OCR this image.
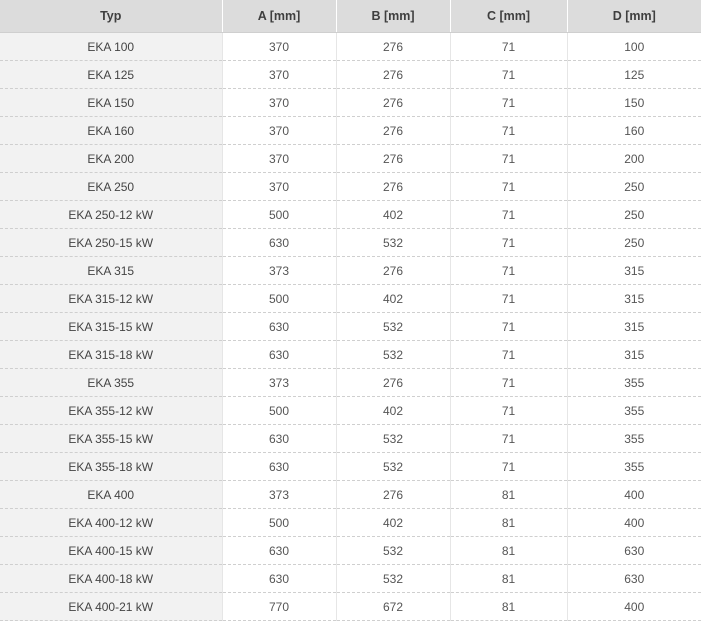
Typ	A [mm]	B [mm]	C [mm]	D [mm]
EKA 100	370	276	71	100
EKA 125	370	276	71	125
EKA 150	370	276	71	150
EKA 160	370	276	71	160
EKA 200	370	276	71	200
EKA 250	370	276	71	250
EKA 250-12 kW	500	402	71	250
EKA 250-15 kW	630	532	71	250
EKA 315	373	276	71	315
EKA 315-12 kW	500	402	71	315
EKA 315-15 kW	630	532	71	315
EKA 315-18 kW	630	532	71	315
EKA 355	373	276	71	355
EKA 355-12 kW	500	402	71	355
EKA 355-15 kW	630	532	71	355
EKA 355-18 kW	630	532	71	355
EKA 400	373	276	81	400
EKA 400-12 kW	500	402	81	400
EKA 400-15 kW	630	532	81	630
EKA 400-18 kW	630	532	81	630
EKA 400-21 kW	770	672	81	400
